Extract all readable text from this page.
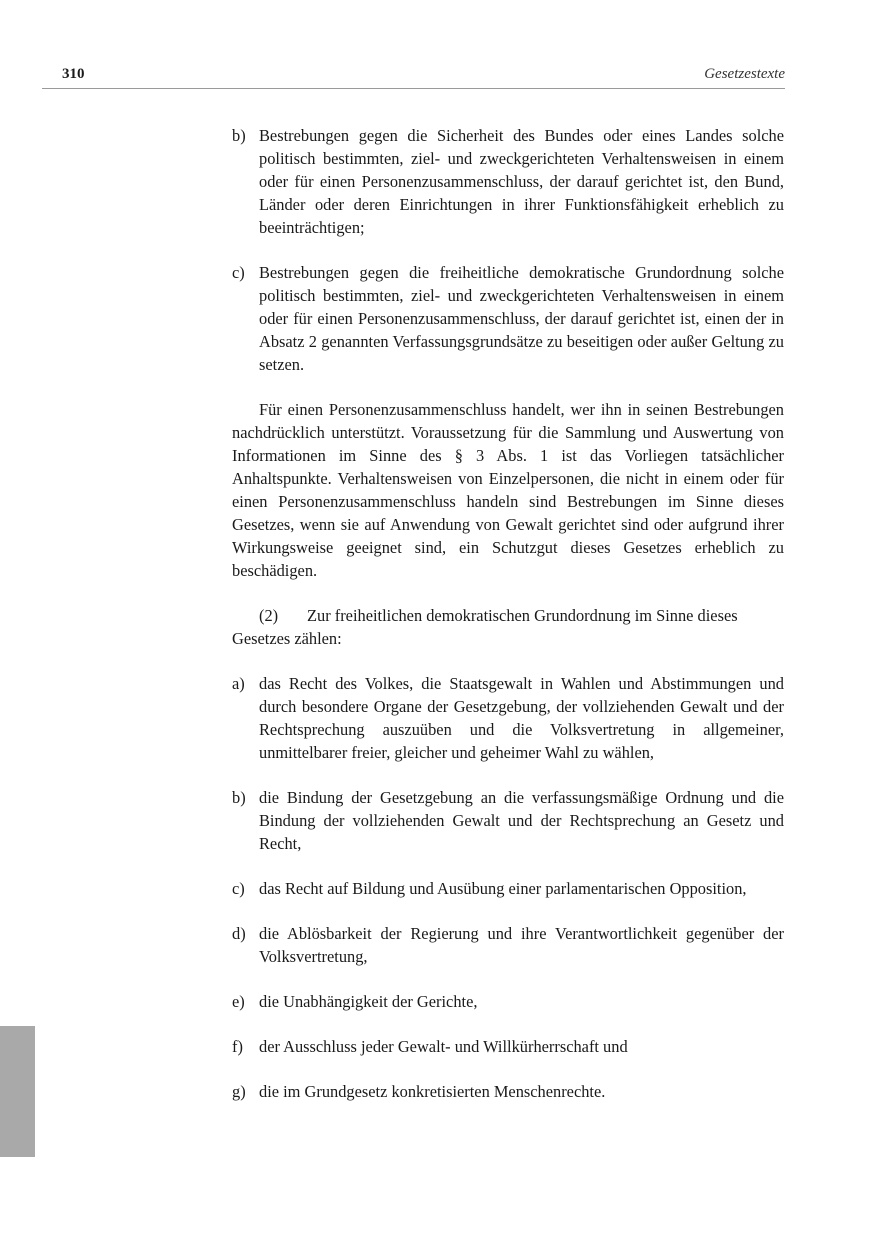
310	Gesetzestexte
b) Bestrebungen gegen die Sicherheit des Bundes oder eines Landes solche politisch bestimmten, ziel- und zweckgerichteten Verhaltensweisen in einem oder für einen Personenzusammenschluss, der darauf gerichtet ist, den Bund, Länder oder deren Einrichtungen in ihrer Funktionsfähigkeit erheblich zu beeinträchtigen;
c) Bestrebungen gegen die freiheitliche demokratische Grundordnung solche politisch bestimmten, ziel- und zweckgerichteten Verhaltensweisen in einem oder für einen Personenzusammenschluss, der darauf gerichtet ist, einen der in Absatz 2 genannten Verfassungsgrundsätze zu beseitigen oder außer Geltung zu setzen.

Für einen Personenzusammenschluss handelt, wer ihn in seinen Bestrebungen nachdrücklich unterstützt. Voraussetzung für die Sammlung und Auswertung von Informationen im Sinne des § 3 Abs. 1 ist das Vorliegen tatsächlicher Anhaltspunkte. Verhaltensweisen von Einzelpersonen, die nicht in einem oder für einen Personenzusammenschluss handeln sind Bestrebungen im Sinne dieses Gesetzes, wenn sie auf Anwendung von Gewalt gerichtet sind oder aufgrund ihrer Wirkungsweise geeignet sind, ein Schutzgut dieses Gesetzes erheblich zu beschädigen.

(2) Zur freiheitlichen demokratischen Grundordnung im Sinne dieses Gesetzes zählen:

a) das Recht des Volkes, die Staatsgewalt in Wahlen und Abstimmungen und durch besondere Organe der Gesetzgebung, der vollziehenden Gewalt und der Rechtsprechung auszuüben und die Volksvertretung in allgemeiner, unmittelbarer freier, gleicher und geheimer Wahl zu wählen,
b) die Bindung der Gesetzgebung an die verfassungsmäßige Ordnung und die Bindung der vollziehenden Gewalt und der Rechtsprechung an Gesetz und Recht,
c) das Recht auf Bildung und Ausübung einer parlamentarischen Opposition,
d) die Ablösbarkeit der Regierung und ihre Verantwortlichkeit gegenüber der Volksvertretung,
e) die Unabhängigkeit der Gerichte,
f) der Ausschluss jeder Gewalt- und Willkürherrschaft und
g) die im Grundgesetz konkretisierten Menschenrechte.
